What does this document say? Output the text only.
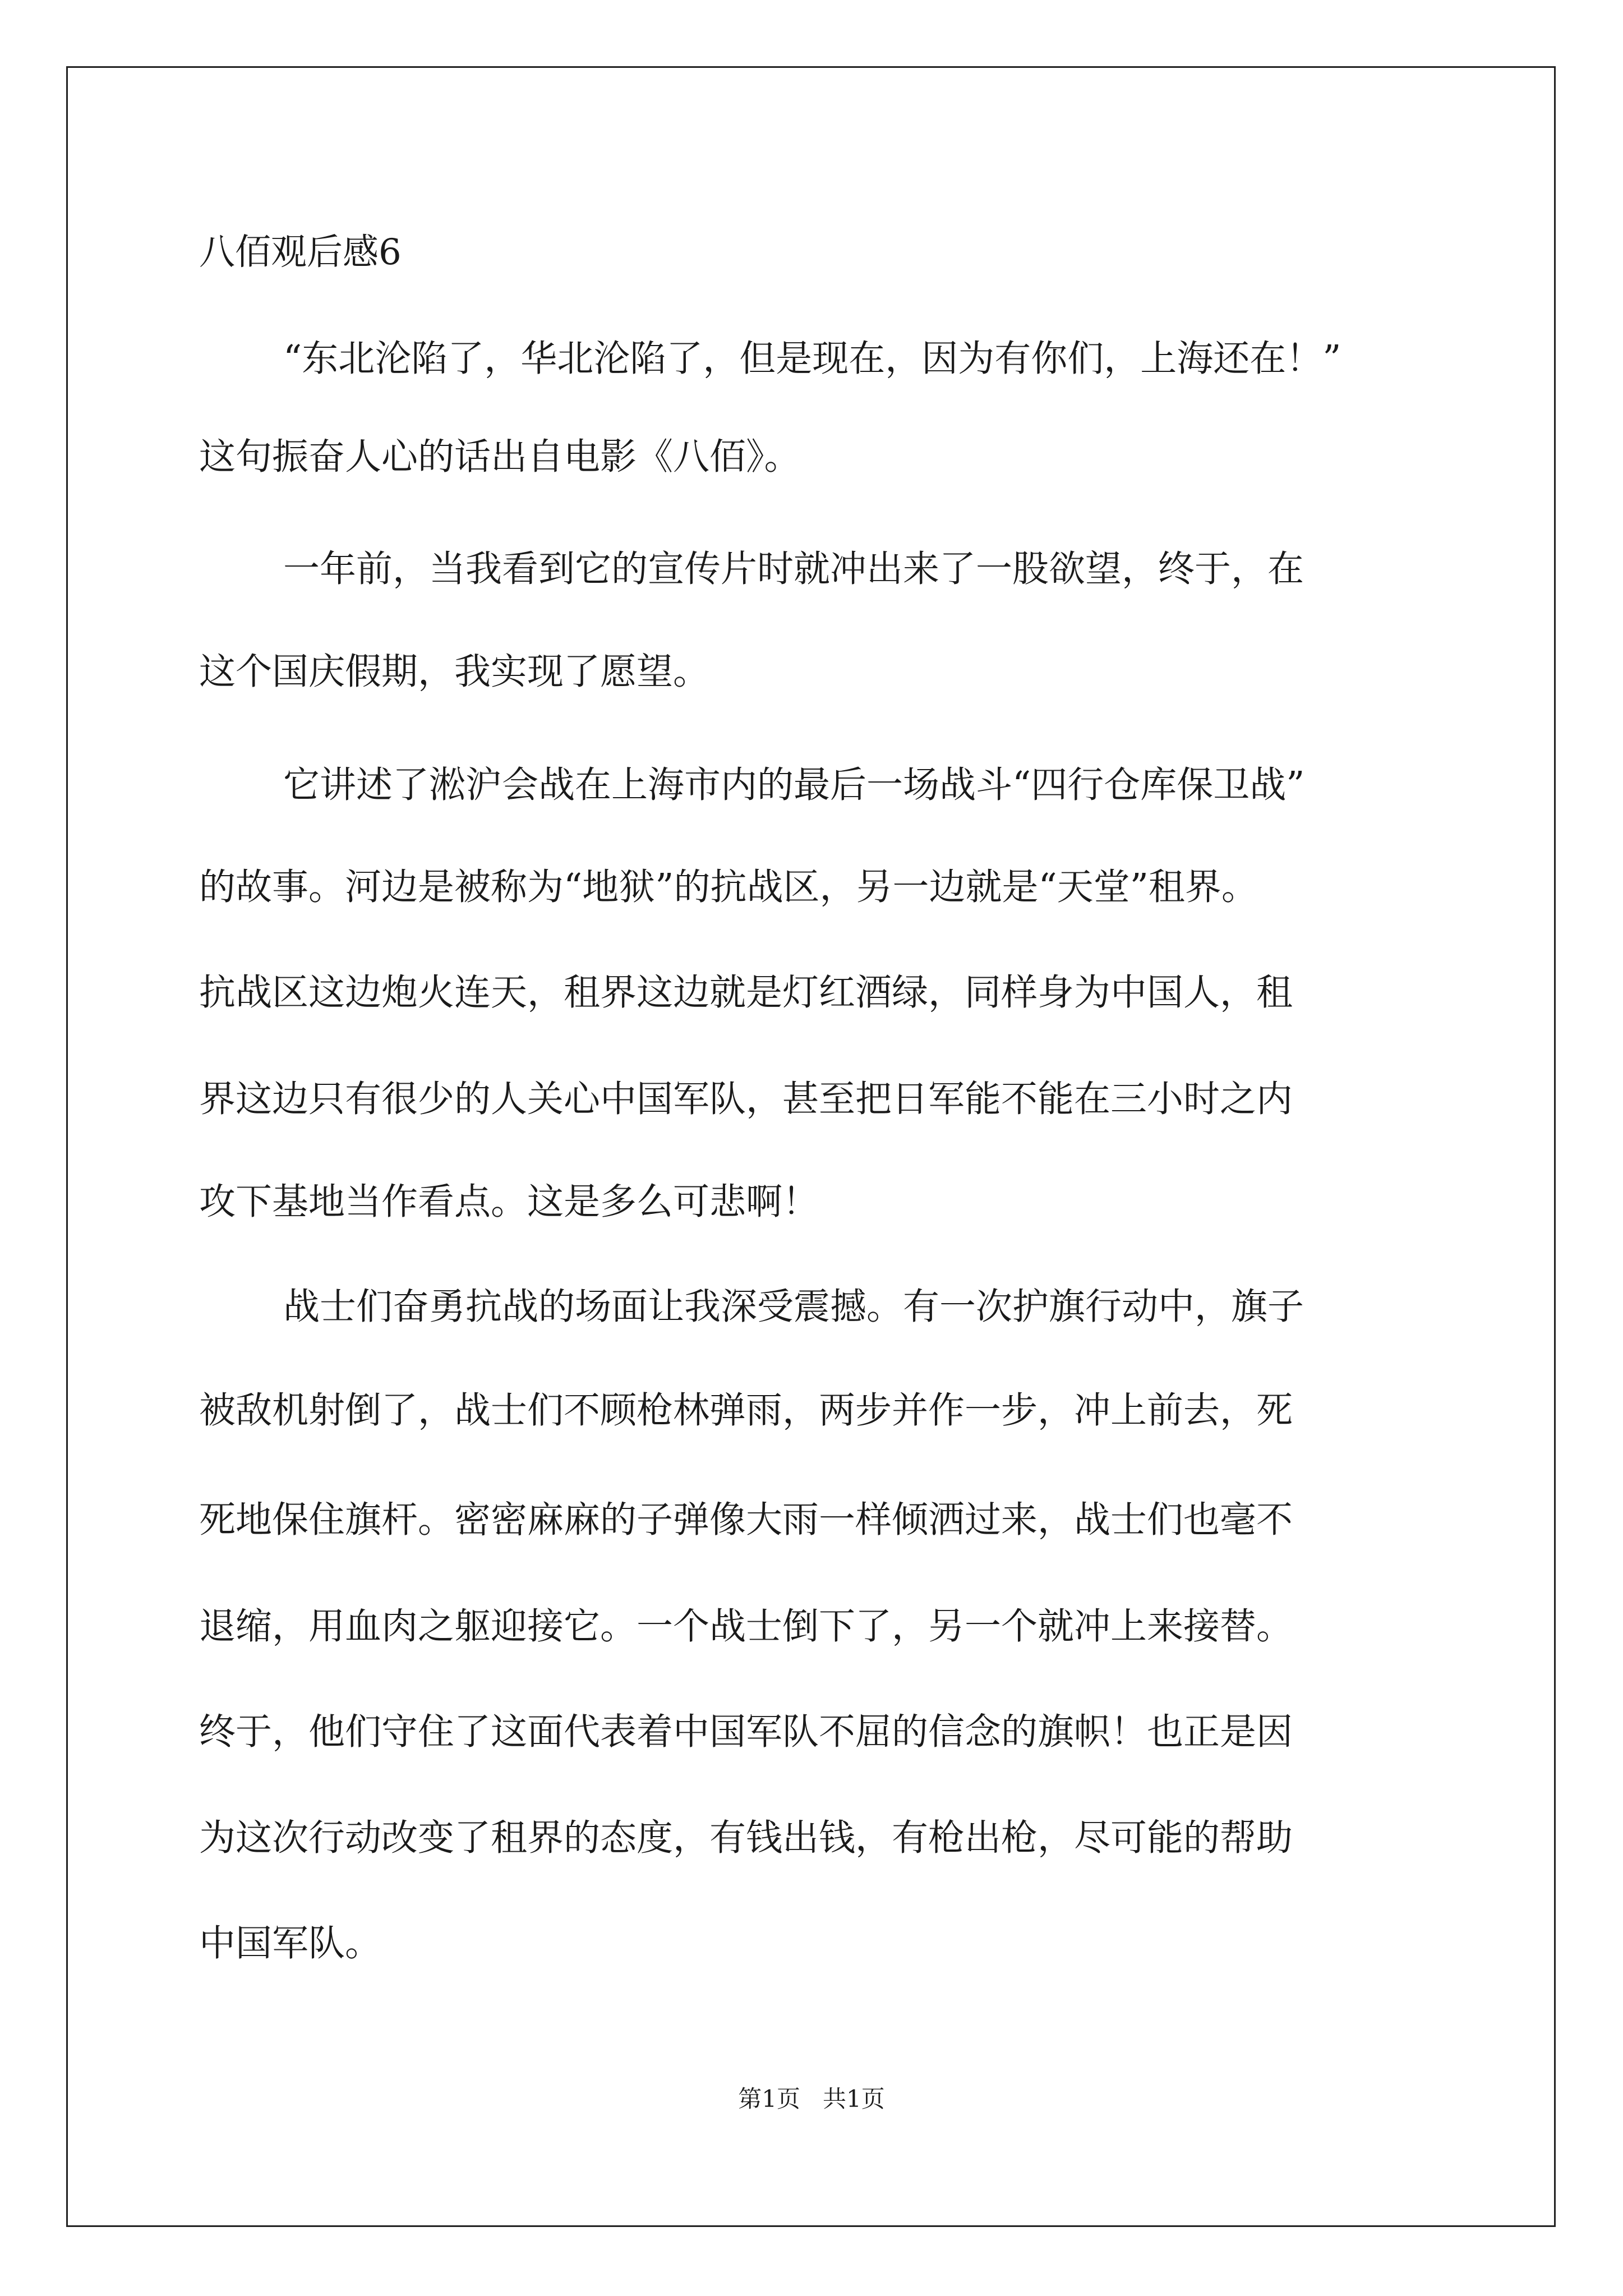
八佰观后感6

“东北沦陷了，华北沦陷了，但是现在，因为有你们，上海还在！”

这句振奋人心的话出自电影《八佰》。

一年前，当我看到它的宣传片时就冲出来了一股欲望，终于，在

这个国庆假期，我实现了愿望。

它讲述了淞沪会战在上海市内的最后一场战斗“四行仓库保卫战”

的故事。河边是被称为“地狱”的抗战区，另一边就是“天堂”租界。

抗战区这边炮火连天，租界这边就是灯红酒绿，同样身为中国人，租

界这边只有很少的人关心中国军队，甚至把日军能不能在三小时之内

攻下基地当作看点。这是多么可悲啊！

战士们奋勇抗战的场面让我深受震撼。有一次护旗行动中，旗子

被敌机射倒了，战士们不顾枪林弹雨，两步并作一步，冲上前去，死

死地保住旗杆。密密麻麻的子弹像大雨一样倾洒过来，战士们也毫不

退缩，用血肉之躯迎接它。一个战士倒下了，另一个就冲上来接替。

终于，他们守住了这面代表着中国军队不屈的信念的旗帜！也正是因

为这次行动改变了租界的态度，有钱出钱，有枪出枪，尽可能的帮助

中国军队。

第1页   共1页
